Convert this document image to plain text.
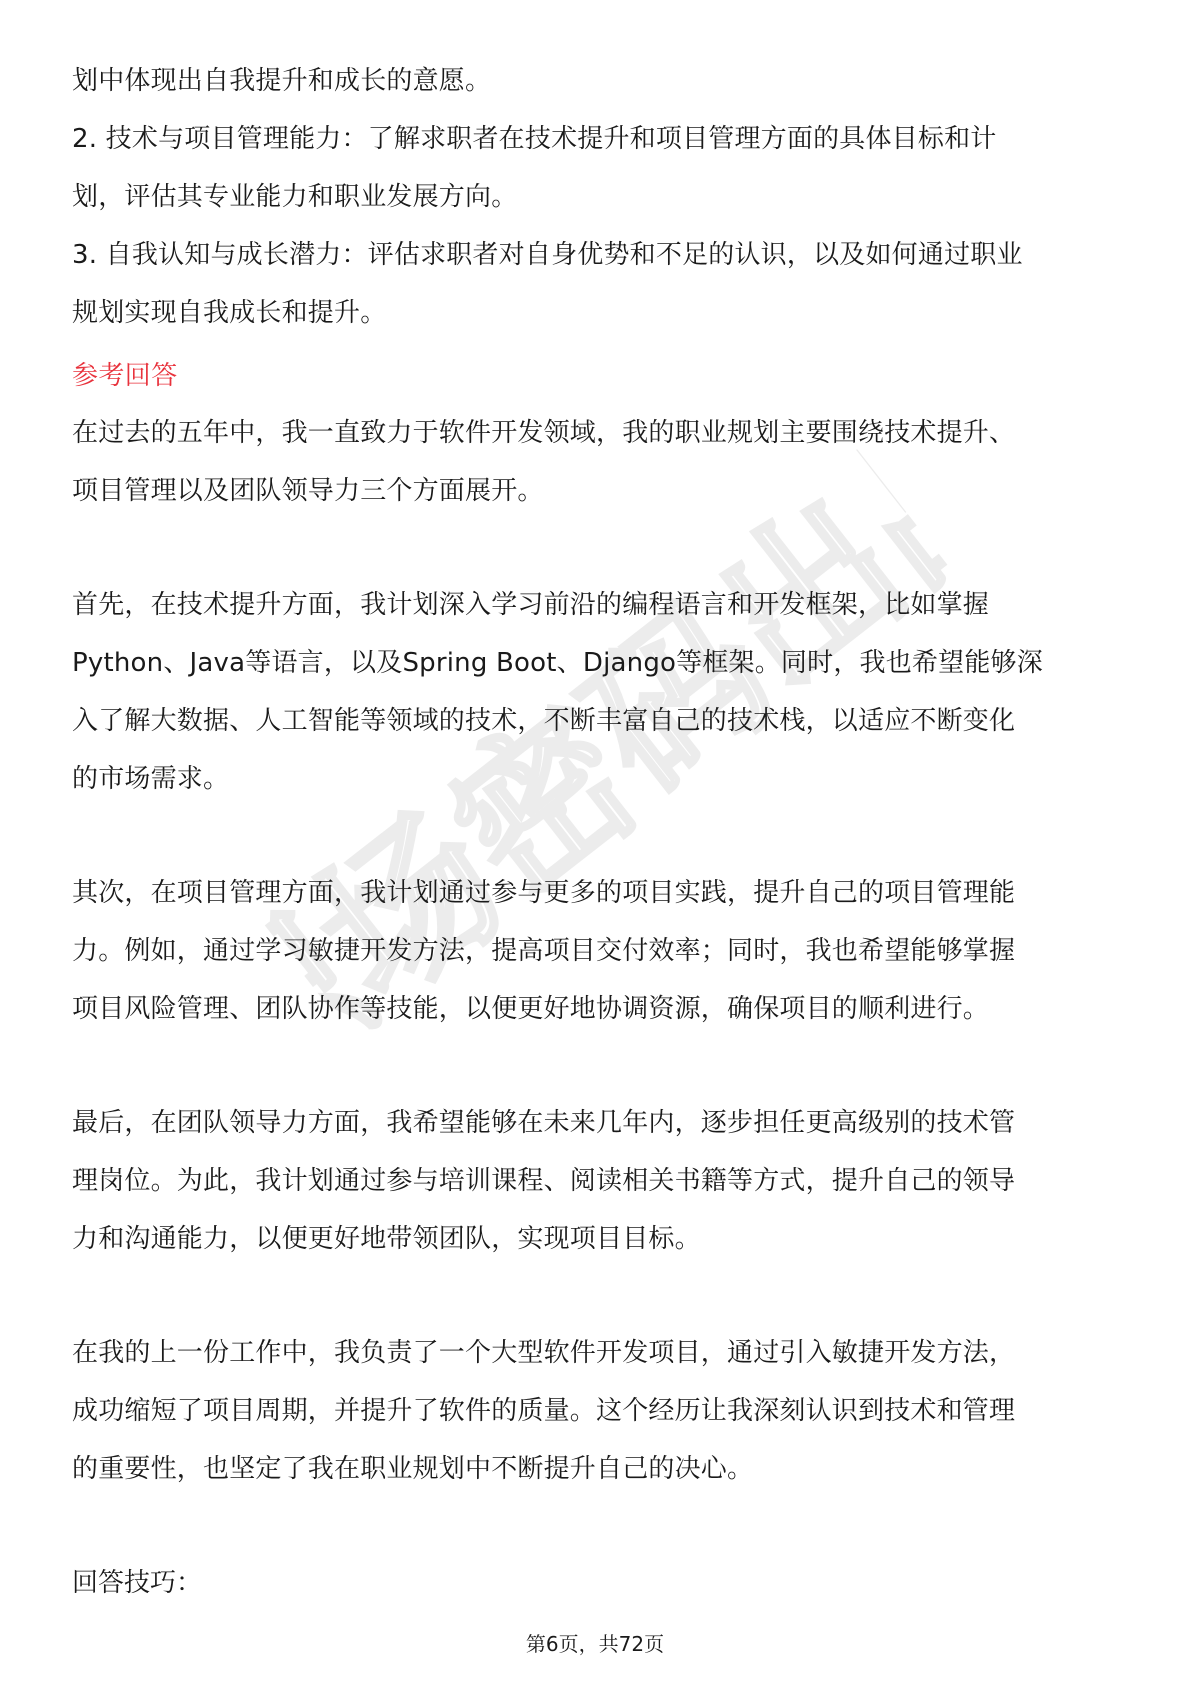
职场密码出品
划中体现出自我提升和成长的意愿。
2. 技术与项目管理能力：了解求职者在技术提升和项目管理方面的具体目标和计
划，评估其专业能力和职业发展方向。
3. 自我认知与成长潜力：评估求职者对自身优势和不足的认识，以及如何通过职业
规划实现自我成长和提升。
参考回答
在过去的五年中，我一直致力于软件开发领域，我的职业规划主要围绕技术提升、
项目管理以及团队领导力三个方面展开。
首先，在技术提升方面，我计划深入学习前沿的编程语言和开发框架，比如掌握
Python、Java等语言，以及Spring Boot、Django等框架。同时，我也希望能够深
入了解大数据、人工智能等领域的技术，不断丰富自己的技术栈，以适应不断变化
的市场需求。
其次，在项目管理方面，我计划通过参与更多的项目实践，提升自己的项目管理能
力。例如，通过学习敏捷开发方法，提高项目交付效率；同时，我也希望能够掌握
项目风险管理、团队协作等技能，以便更好地协调资源，确保项目的顺利进行。
最后，在团队领导力方面，我希望能够在未来几年内，逐步担任更高级别的技术管
理岗位。为此，我计划通过参与培训课程、阅读相关书籍等方式，提升自己的领导
力和沟通能力，以便更好地带领团队，实现项目目标。
在我的上一份工作中，我负责了一个大型软件开发项目，通过引入敏捷开发方法，
成功缩短了项目周期，并提升了软件的质量。这个经历让我深刻认识到技术和管理
的重要性，也坚定了我在职业规划中不断提升自己的决心。
回答技巧：
第6页，共72页
